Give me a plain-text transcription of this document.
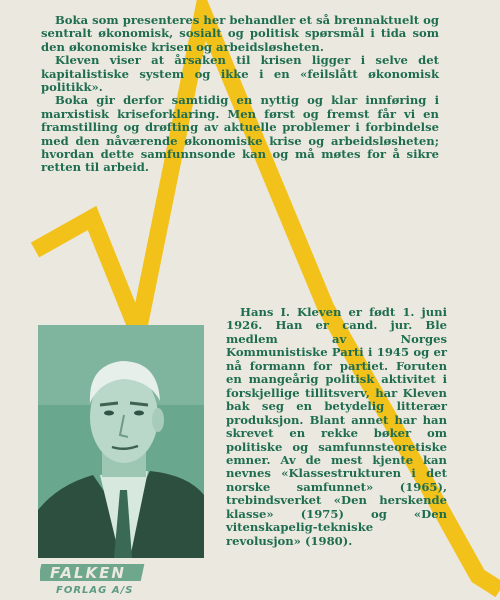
Boka som presenteres her behandler et så brennaktuelt og sentralt økonomisk, sosialt og politisk spørsmål i tida som den økonomiske krisen og arbeidsløsheten.

Kleven viser at årsaken til krisen ligger i selve det kapitalistiske system og ikke i en «feilslått økonomisk politikk».

Boka gir derfor samtidig en nyttig og klar innføring i marxistisk kriseforklaring. Men først og fremst får vi en framstilling og drøfting av aktuelle problemer i forbindelse med den nåværende økonomiske krise og arbeidsløsheten; hvordan dette samfunnsonde kan og må møtes for å sikre retten til arbeid.

Hans I. Kleven er født 1. juni 1926. Han er cand. jur. Ble medlem av Norges Kommunistiske Parti i 1945 og er nå formann for partiet. Foruten en mangeårig politisk aktivitet i forskjellige tillitsverv, har Kleven bak seg en betydelig litterær produksjon. Blant annet har han skrevet en rekke bøker om politiske og samfunnsteoretiske emner. Av de mest kjente kan nevnes «Klassestrukturen i det norske samfunnet» (1965), trebindsverket «Den herskende klasse» (1975) og «Den vitenskapelig-tekniske revolusjon» (1980).

FALKEN
FORLAG A/S
